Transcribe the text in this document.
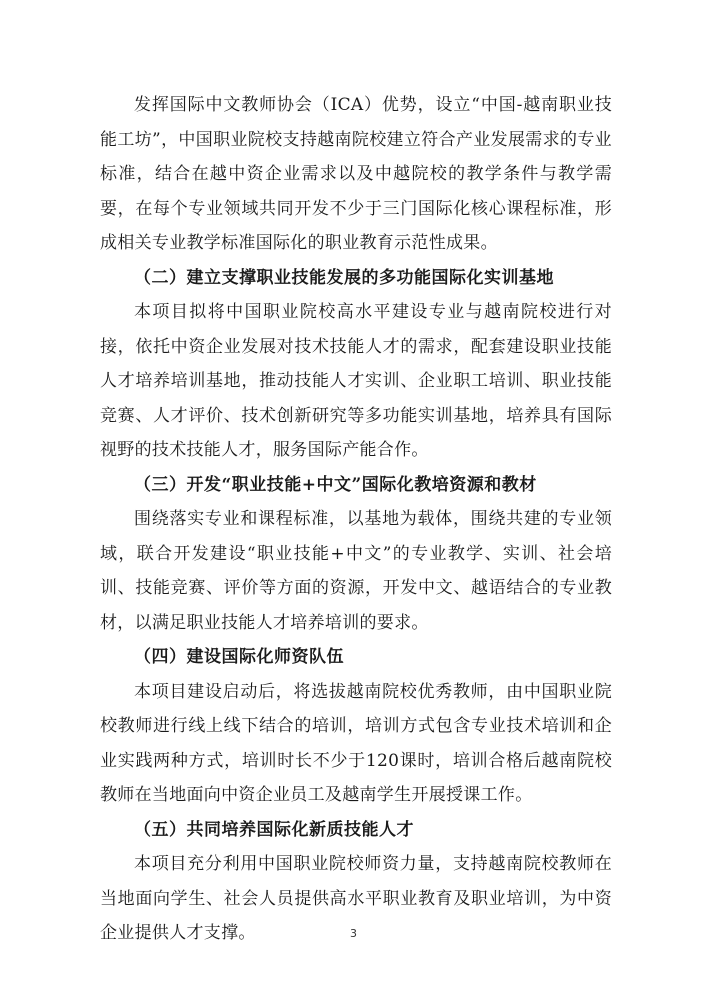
发挥国际中文教师协会（ICA）优势，设立“中国-越南职业技能工坊”，中国职业院校支持越南院校建立符合产业发展需求的专业标准，结合在越中资企业需求以及中越院校的教学条件与教学需要，在每个专业领域共同开发不少于三门国际化核心课程标准，形成相关专业教学标准国际化的职业教育示范性成果。

（二）建立支撑职业技能发展的多功能国际化实训基地

本项目拟将中国职业院校高水平建设专业与越南院校进行对接，依托中资企业发展对技术技能人才的需求，配套建设职业技能人才培养培训基地，推动技能人才实训、企业职工培训、职业技能竞赛、人才评价、技术创新研究等多功能实训基地，培养具有国际视野的技术技能人才，服务国际产能合作。

（三）开发“职业技能+中文”国际化教培资源和教材

围绕落实专业和课程标准，以基地为载体，围绕共建的专业领域，联合开发建设“职业技能+中文”的专业教学、实训、社会培训、技能竞赛、评价等方面的资源，开发中文、越语结合的专业教材，以满足职业技能人才培养培训的要求。

（四）建设国际化师资队伍

本项目建设启动后，将选拔越南院校优秀教师，由中国职业院校教师进行线上线下结合的培训，培训方式包含专业技术培训和企业实践两种方式，培训时长不少于120课时，培训合格后越南院校教师在当地面向中资企业员工及越南学生开展授课工作。

（五）共同培养国际化新质技能人才

本项目充分利用中国职业院校师资力量，支持越南院校教师在当地面向学生、社会人员提供高水平职业教育及职业培训，为中资企业提供人才支撑。	3
